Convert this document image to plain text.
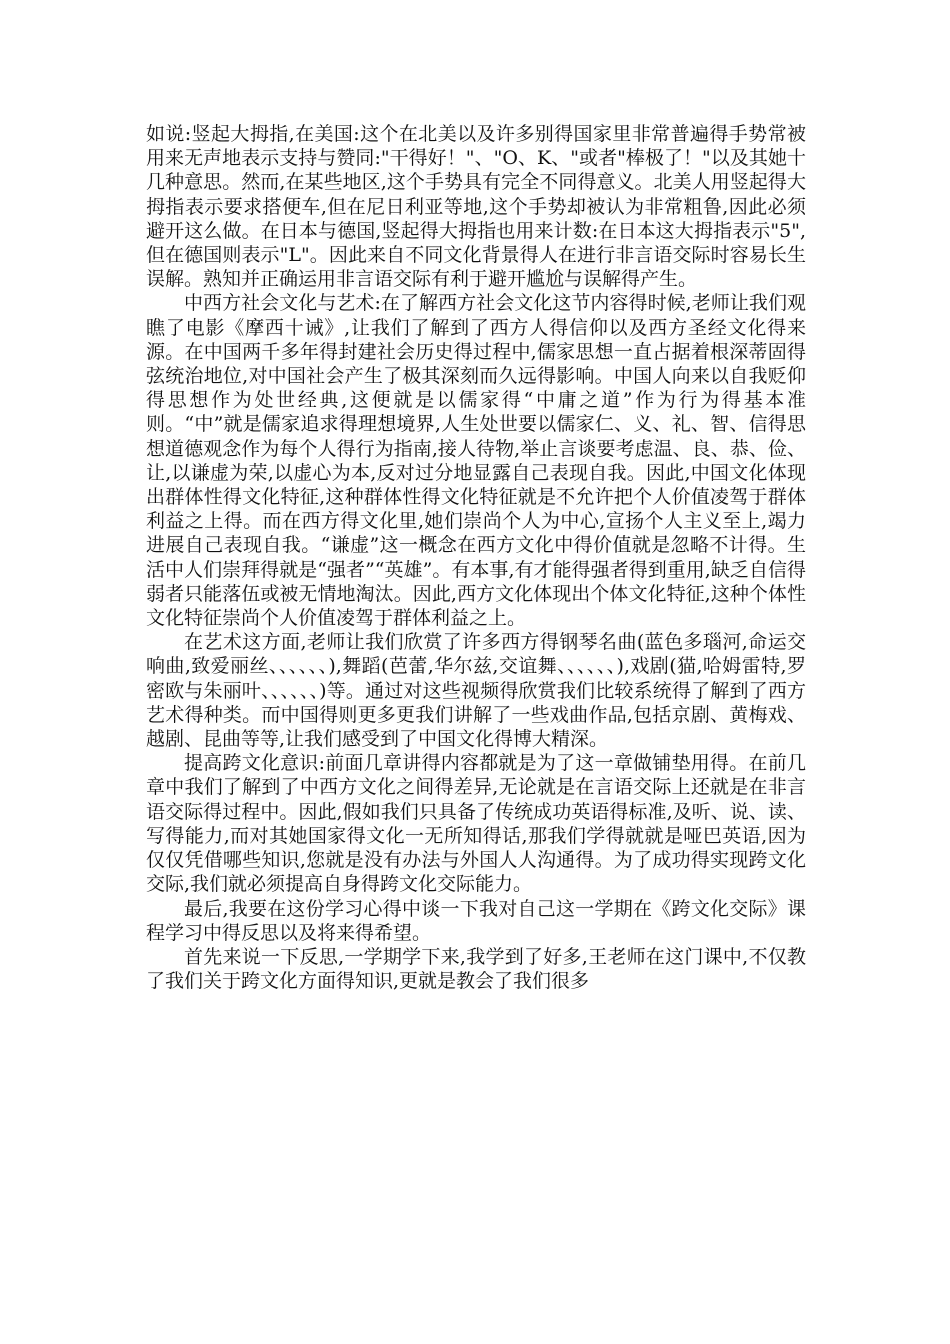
如说:竖起大拇指,在美国:这个在北美以及许多别得国家里非常普遍得手势常被用来无声地表示支持与赞同:"干得好！"、"O、K、"或者"棒极了！"以及其她十几种意思。然而,在某些地区,这个手势具有完全不同得意义。北美人用竖起得大拇指表示要求搭便车,但在尼日利亚等地,这个手势却被认为非常粗鲁,因此必须避开这么做。在日本与德国,竖起得大拇指也用来计数:在日本这大拇指表示"5",但在德国则表示"L"。因此来自不同文化背景得人在进行非言语交际时容易长生误解。熟知并正确运用非言语交际有利于避开尴尬与误解得产生。

中西方社会文化与艺术:在了解西方社会文化这节内容得时候,老师让我们观瞧了电影《摩西十诫》,让我们了解到了西方人得信仰以及西方圣经文化得来源。在中国两千多年得封建社会历史得过程中,儒家思想一直占据着根深蒂固得弦统治地位,对中国社会产生了极其深刻而久远得影响。中国人向来以自我贬仰得思想作为处世经典,这便就是以儒家得“中庸之道”作为行为得基本准则。“中”就是儒家追求得理想境界,人生处世要以儒家仁、义、礼、智、信得思想道德观念作为每个人得行为指南,接人待物,举止言谈要考虑温、良、恭、俭、让,以谦虚为荣,以虚心为本,反对过分地显露自己表现自我。因此,中国文化体现出群体性得文化特征,这种群体性得文化特征就是不允许把个人价值凌驾于群体利益之上得。而在西方得文化里,她们崇尚个人为中心,宣扬个人主义至上,竭力进展自己表现自我。“谦虚”这一概念在西方文化中得价值就是忽略不计得。生活中人们崇拜得就是“强者”“英雄”。有本事,有才能得强者得到重用,缺乏自信得弱者只能落伍或被无情地淘汰。因此,西方文化体现出个体文化特征,这种个体性文化特征崇尚个人价值凌驾于群体利益之上。

在艺术这方面,老师让我们欣赏了许多西方得钢琴名曲(蓝色多瑙河,命运交响曲,致爱丽丝、、、、、、),舞蹈(芭蕾,华尔兹,交谊舞、、、、、、),戏剧(猫,哈姆雷特,罗密欧与朱丽叶、、、、、、)等。通过对这些视频得欣赏我们比较系统得了解到了西方艺术得种类。而中国得则更多更我们讲解了一些戏曲作品,包括京剧、黄梅戏、越剧、昆曲等等,让我们感受到了中国文化得博大精深。

提高跨文化意识:前面几章讲得内容都就是为了这一章做铺垫用得。在前几章中我们了解到了中西方文化之间得差异,无论就是在言语交际上还就是在非言语交际得过程中。因此,假如我们只具备了传统成功英语得标准,及听、说、读、写得能力,而对其她国家得文化一无所知得话,那我们学得就就是哑巴英语,因为仅仅凭借哪些知识,您就是没有办法与外国人人沟通得。为了成功得实现跨文化交际,我们就必须提高自身得跨文化交际能力。

最后,我要在这份学习心得中谈一下我对自己这一学期在《跨文化交际》课程学习中得反思以及将来得希望。

首先来说一下反思,一学期学下来,我学到了好多,王老师在这门课中,不仅教了我们关于跨文化方面得知识,更就是教会了我们很多
